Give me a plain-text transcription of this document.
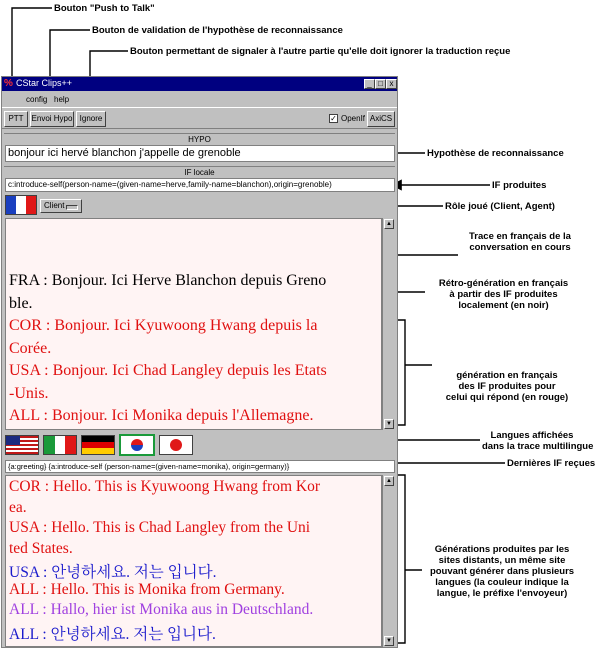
Bouton "Push to Talk"
Bouton de validation de l'hypothèse de reconnaissance
Bouton permettant de signaler à l'autre partie qu'elle doit ignorer la traduction reçue
Hypothèse de reconnaissance
IF produites
Rôle joué (Client, Agent)
Trace en français de la
conversation en cours
Rétro-génération en français
à partir des IF produites
localement (en noir)
génération en français
des IF produites pour
celui qui répond (en rouge)
Langues affichées
dans la trace multilingue
Dernières IF reçues
Générations produites par les
sites distants, un même site
pouvant générer dans plusieurs
langues (la couleur indique la
langue, le préfixe l'envoyeur)
% CStar Clips++	_ □ x
config help
PTT Envoi Hypo Ignore	✓ OpenIf AxiCS
HYPO
bonjour ici hervé blanchon j'appelle de grenoble
IF locale
c:introduce-self(person-name=(given-name=herve,family-name=blanchon),origin=grenoble)
Client
FRA : Bonjour. Ici Herve Blanchon depuis Greno
ble.
COR : Bonjour. Ici Kyuwoong Hwang depuis la
Corée.
USA : Bonjour. Ici Chad Langley depuis les Etats
-Unis.
ALL : Bonjour. Ici Monika depuis l'Allemagne.
▲
▼
{a:greeting} {a:introduce-self (person-name=(given-name=monika), origin=germany)}
COR : Hello. This is Kyuwoong Hwang from Kor
ea.
USA : Hello. This is Chad Langley from the Uni
ted States.
USA : 안녕하세요. 저는 입니다.
ALL : Hello. This is Monika from Germany.
ALL : Hallo, hier ist Monika aus in Deutschland.
ALL : 안녕하세요. 저는 입니다.
▲
▼
